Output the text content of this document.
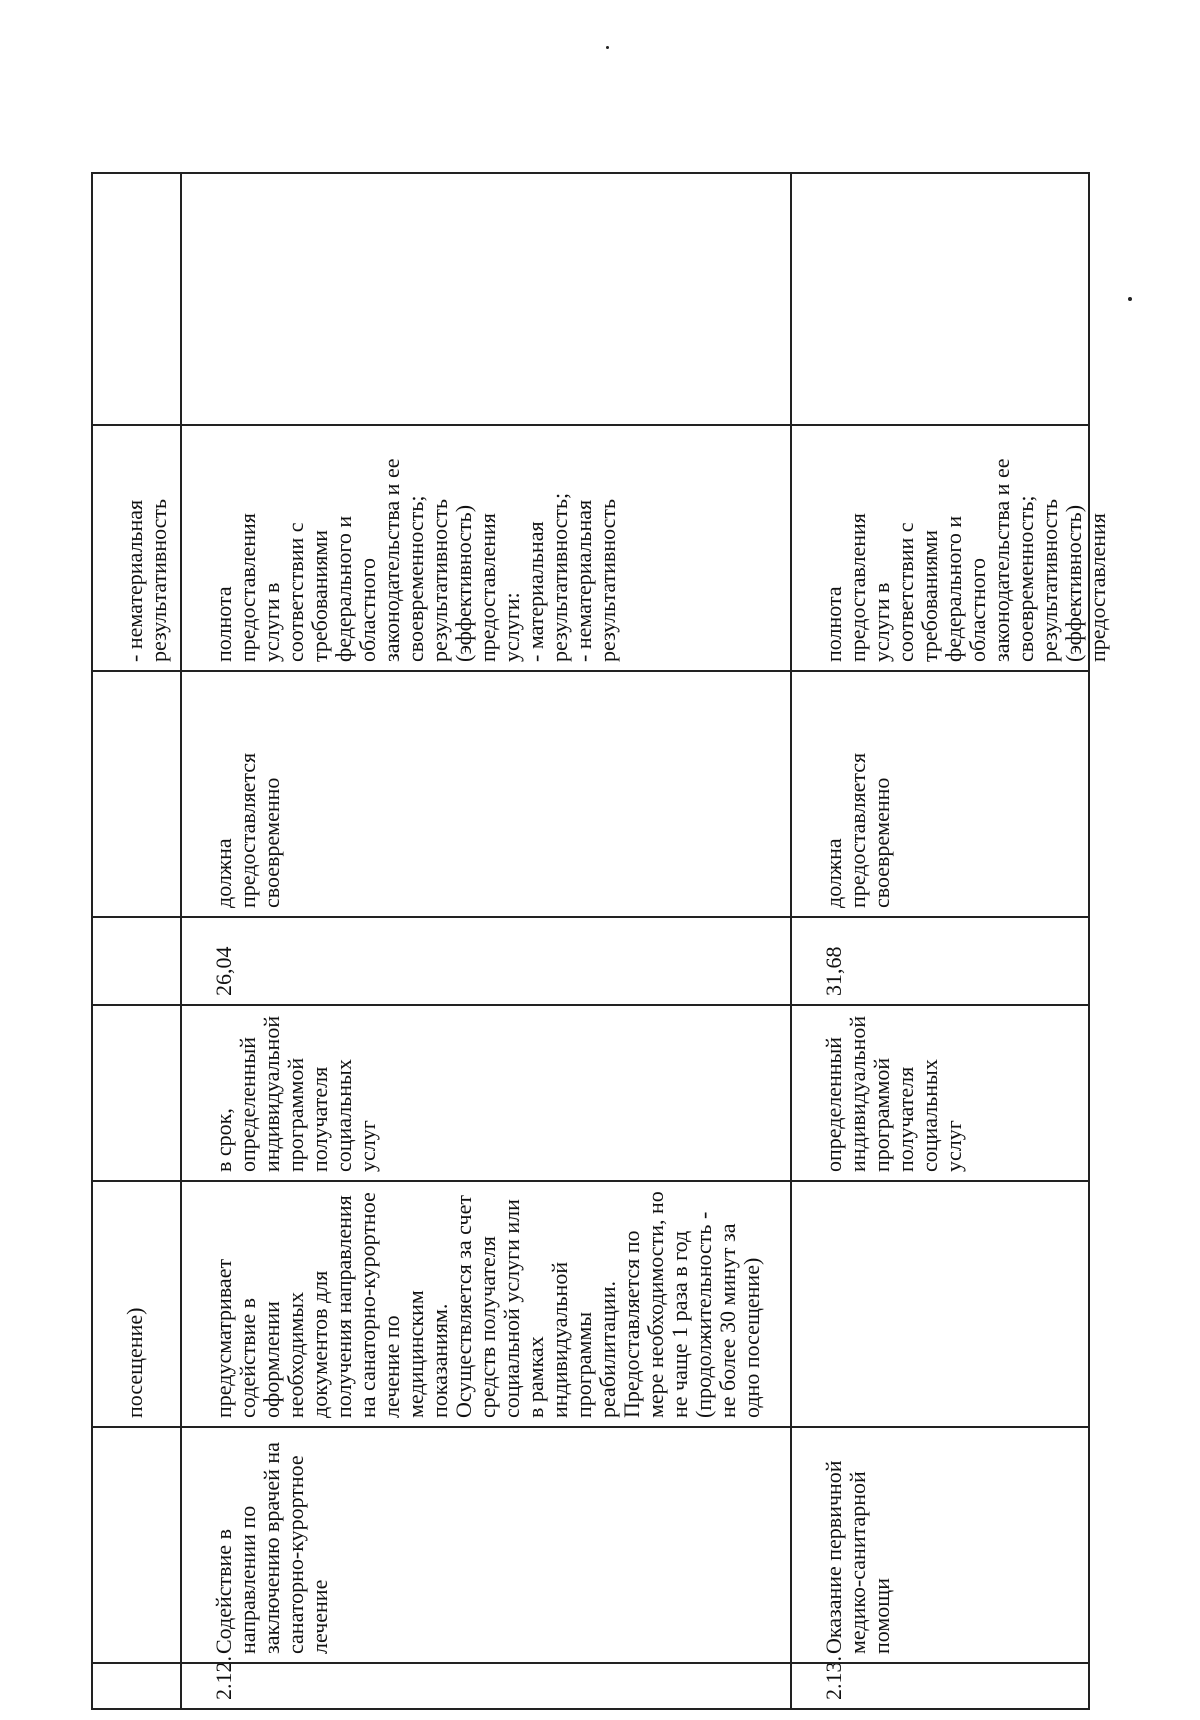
посещение)

- нематериальная
результативность

2.12.

Содействие в
направлении по
заключению врачей на
санаторно-курортное
лечение

предусматривает
содействие в
оформлении
необходимых
документов для
получения направления
на санаторно-курортное
лечение по
медицинским
показаниям.
Осуществляется за счет
средств получателя
социальной услуги или
в рамках
индивидуальной
программы
реабилитации.
Предоставляется по
мере необходимости, но
не чаще 1 раза в год
(продолжительность -
не более 30 минут за
одно посещение)

в срок,
определенный
индивидуальной
программой
получателя
социальных услуг

26,04

должна предоставляется
своевременно

полнота
предоставления
услуги в
соответствии с
требованиями
федерального и
областного
законодательства и ее
своевременность;
результативность
(эффективность)
предоставления
услуги:
- материальная
результативность;
- нематериальная
результативность

2.13.

Оказание первичной
медико-санитарной
помощи

определенный
индивидуальной
программой
получателя
социальных услуг

31,68

должна предоставляется
своевременно

полнота
предоставления
услуги в
соответствии с
требованиями
федерального и
областного
законодательства и ее
своевременность;
результативность
(эффективность)
предоставления
